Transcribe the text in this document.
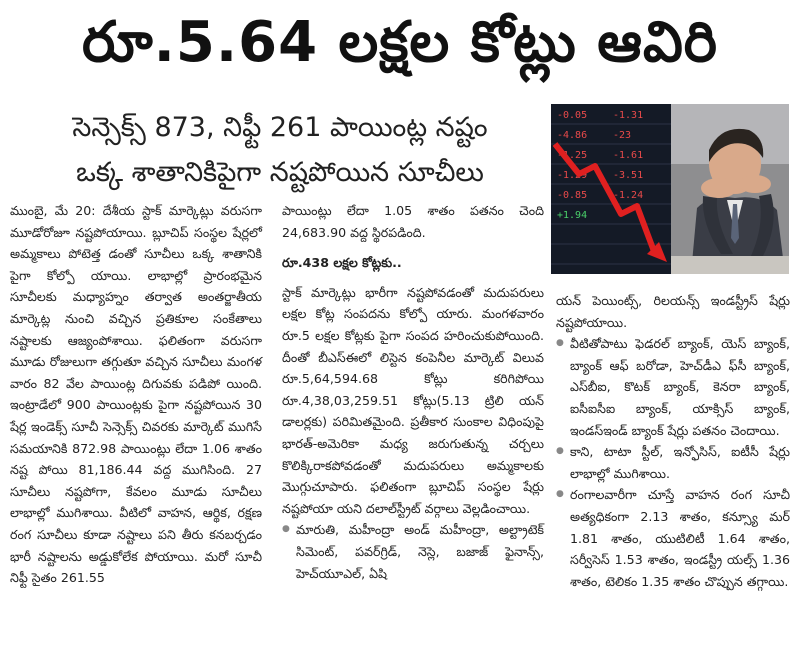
రూ.5.64 లక్షల కోట్లు ఆవిరి
సెన్సెక్స్‌ 873, నిఫ్టీ 261 పాయింట్ల నష్టం
ఒక్క శాతానికిపైగా నష్టపోయిన సూచీలు
-0.05	-1.31
-4.86	-23
-1.25	-1.61
-1.29	-3.51
-0.85	-1.24
+1.94

ముంబై, మే 20: దేశీయ స్టాక్‌ మార్కెట్లు వరుసగా మూడోరోజూ నష్టపోయాయి. బ్లూచిప్‌ సంస్థల షేర్లలో అమ్మకాలు పోటెత్త డంతో సూచీలు ఒక్క శాతానికి పైగా కోల్పో యాయి. లాభాల్లో ప్రారంభమైన సూచీలకు మధ్యాహ్నం తర్వాత అంతర్జాతీయ మార్కెట్ల నుంచి వచ్చిన ప్రతికూల సంకేతాలు నష్టాలకు ఆజ్యంపోశాయి. ఫలితంగా వరుసగా మూడు రోజులుగా తగ్గుతూ వచ్చిన సూచీలు మంగళ వారం 82 వేల పాయింట్ల దిగువకు పడిపో యింది. ఇంట్రాడేలో 900 పాయింట్లకు పైగా నష్టపోయిన 30 షేర్ల ఇండెక్స్‌ సూచీ సెన్సెక్స్‌ చివరకు మార్కెట్‌ ముగిసే సమయానికి 872.98 పాయింట్లు లేదా 1.06 శాతం నష్ట పోయి 81,186.44 వద్ద ముగిసింది. 27 సూచీలు నష్టపోగా, కేవలం మూడు సూచీలు లాభాల్లో ముగిశాయి. వీటిలో వాహన, ఆర్థిక, రక్షణ రంగ సూచీలు కూడా నష్టాలు పని తీరు కనబర్చడం భారీ నష్టాలను అడ్డుకోలేక పోయాయి. మరో సూచీ నిఫ్టీ సైతం 261.55

పాయింట్లు లేదా 1.05 శాతం పతనం చెంది 24,683.90 వద్ద స్థిరపడింది.

రూ.438 లక్షల కోట్లకు..

స్టాక్‌ మార్కెట్లు భారీగా నష్టపోవడంతో మదుపరులు లక్షల కోట్ల సంపదను కోల్పో యారు. మంగళవారం రూ.5 లక్షల కోట్లకు పైగా సంపద హరించుకుపోయింది. దీంతో బీఎస్‌ఈలో లిస్టెన కంపెనీల మార్కెట్‌ విలువ రూ.5,64,594.68 కోట్లు కరిగిపోయి రూ.4,38,03,259.51 కోట్లు(5.13 ట్రిలి యన్‌ డాలర్లకు) పరిమితమైంది. ప్రతీకార సుంకాల విధింపుపై భారత్‌-అమెరికా మధ్య జరుగుతున్న చర్చలు కొలిక్కిరాకపోవడంతో మదుపరులు అమ్మకాలకు మొగ్గుచూపారు. ఫలితంగా బ్లూచిప్‌ సంస్థల షేర్లు నష్టపోయా యని దలాల్‌స్ట్రీట్‌ వర్గాలు వెల్లడించాయి.

● మారుతి, మహీంద్రా అండ్‌ మహీంద్రా, అల్ట్రాటెక్‌ సిమెంట్‌, పవర్‌గ్రిడ్‌, నెస్లె, బజాజ్‌ ఫైనాన్స్‌, హెచ్‌యూఎల్‌, ఏషి

యన్‌ పెయింట్స్‌, రిలయన్స్‌ ఇండస్ట్రీస్‌ షేర్లు నష్టపోయాయి.

● వీటితోపాటు ఫెడరల్‌ బ్యాంక్‌, యెస్‌ బ్యాంక్‌, బ్యాంక్‌ ఆఫ్‌ బరోడా, హెచ్‌డీఎ ఫ్‌సీ బ్యాంక్‌, ఎస్‌బీఐ, కొటక్‌ బ్యాంక్‌, కెనరా బ్యాంక్‌, ఐసీఐసీఐ బ్యాంక్‌, యాక్సిస్‌ బ్యాంక్‌, ఇండస్‌ఇండ్‌ బ్యాంక్‌ షేర్లు పతనం చెందాయి.

● కాని, టాటా స్టీల్‌, ఇన్ఫోసిస్‌, ఐటీసీ షేర్లు లాభాల్లో ముగిశాయి.

● రంగాలవారీగా చూస్తే వాహన రంగ సూచీ అత్యధికంగా 2.13 శాతం, కన్స్యూ మర్‌ 1.81 శాతం, యుటిలిటీ 1.64 శాతం, సర్వీసెస్‌ 1.53 శాతం, ఇండస్ట్రీ యల్స్‌ 1.36 శాతం, టెలికం 1.35 శాతం చొప్పున తగ్గాయి.
